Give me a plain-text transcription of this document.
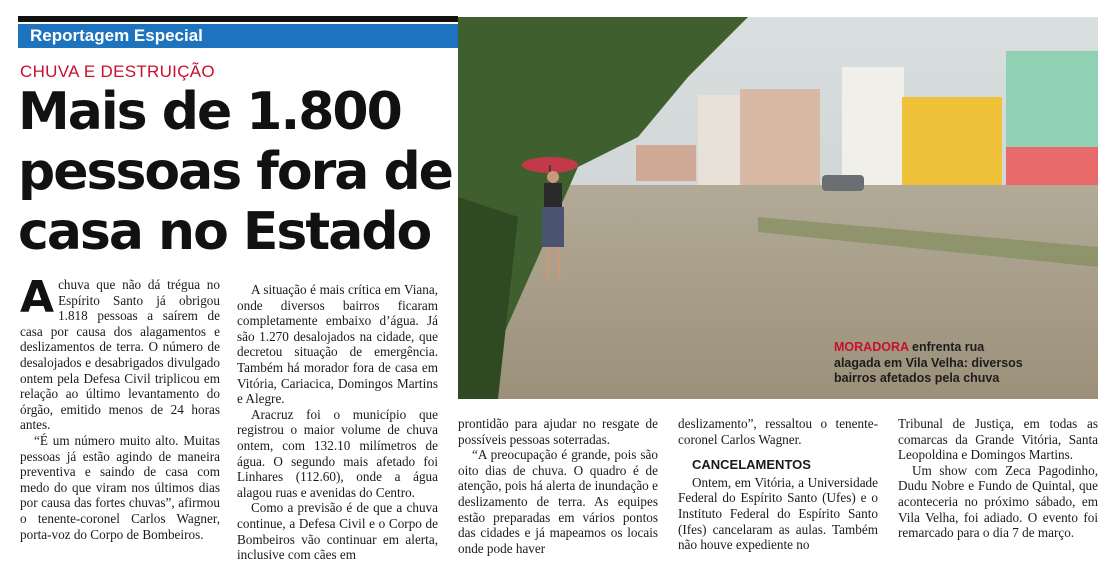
Reportagem Especial
CHUVA E DESTRUIÇÃO
Mais de 1.800
pessoas fora de
casa no Estado

Achuva que não dá trégua no Espírito Santo já obrigou 1.818 pessoas a saírem de casa por causa dos alagamentos e deslizamentos de terra. O número de desalojados e desabrigados divulgado ontem pela Defesa Civil triplicou em relação ao último levantamento do órgão, emitido menos de 24 horas antes.

“É um número muito alto. Muitas pessoas já estão agindo de maneira preventiva e saindo de casa com medo do que viram nos últimos dias por causa das fortes chuvas”, afirmou o tenente-coronel Carlos Wagner, porta-voz do Corpo de Bombeiros.

A situação é mais crítica em Viana, onde diversos bairros ficaram completamente embaixo d’água. Já são 1.270 desalojados na cidade, que decretou situação de emergência. Também há morador fora de casa em Vitória, Cariacica, Domingos Martins e Alegre.

Aracruz foi o município que registrou o maior volume de chuva ontem, com 132.10 milímetros de água. O segundo mais afetado foi Linhares (112.60), onde a água alagou ruas e avenidas do Centro.

Como a previsão é de que a chuva continue, a Defesa Civil e o Corpo de Bombeiros vão continuar em alerta, inclusive com cães em

prontidão para ajudar no resgate de possíveis pessoas soterradas.

“A preocupação é grande, pois são oito dias de chuva. O quadro é de atenção, pois há alerta de inundação e deslizamento de terra. As equipes estão preparadas em vários pontos das cidades e já mapeamos os locais onde pode haver

deslizamento”, ressaltou o tenente-coronel Carlos Wagner.

CANCELAMENTOS

Ontem, em Vitória, a Universidade Federal do Espírito Santo (Ufes) e o Instituto Federal do Espírito Santo (Ifes) cancelaram as aulas. Também não houve expediente no

Tribunal de Justiça, em todas as comarcas da Grande Vitória, Santa Leopoldina e Domingos Martins.

Um show com Zeca Pagodinho, Dudu Nobre e Fundo de Quintal, que aconteceria no próximo sábado, em Vila Velha, foi adiado. O evento foi remarcado para o dia 7 de março.

MORADORA enfrenta rua alagada em Vila Velha: diversos bairros afetados pela chuva
